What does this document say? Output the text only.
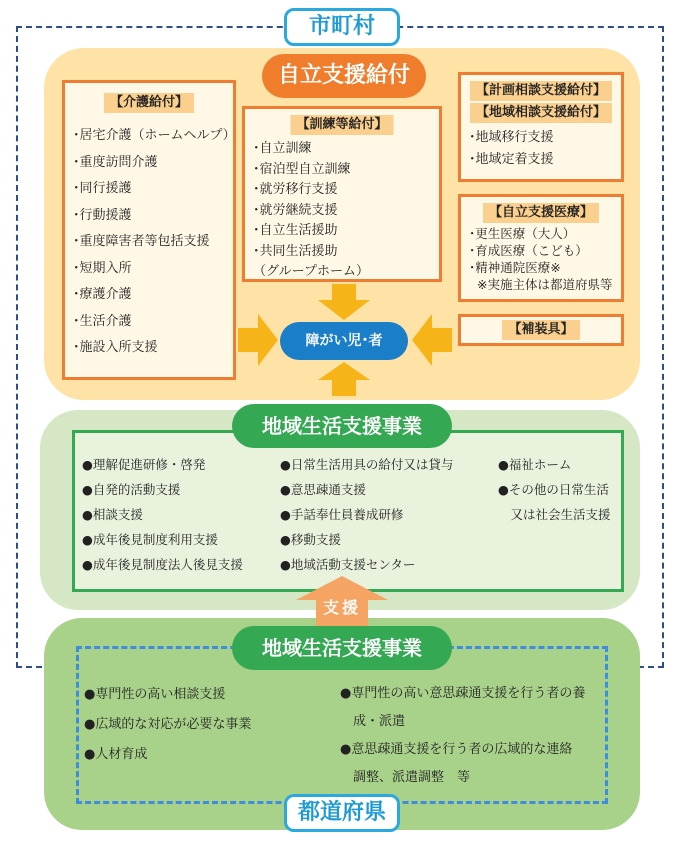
市町村
自立支援給付
【介護給付】
･居宅介護（ホームヘルプ）
･重度訪問介護
･同行援護
･行動援護
･重度障害者等包括支援
･短期入所
･療護介護
･生活介護
･施設入所支援
【訓練等給付】
･自立訓練
･宿泊型自立訓練
･就労移行支援
･就労継続支援
･自立生活援助
･共同生活援助
（グループホーム）
【計画相談支援給付】
【地域相談支援給付】
･地域移行支援
･地域定着支援
【自立支援医療】
･更生医療（大人）
･育成医療（こども）
･精神通院医療※
※実施主体は都道府県等
【補装具】
障がい児･者
地域生活支援事業
●理解促進研修・啓発
●自発的活動支援
●相談支援
●成年後見制度利用支援
●成年後見制度法人後見支援
●日常生活用具の給付又は貸与
●意思疎通支援
●手話奉仕員養成研修
●移動支援
●地域活動支援センター
●福祉ホーム
●その他の日常生活
　又は社会生活支援
支援
地域生活支援事業
●専門性の高い相談支援
●広域的な対応が必要な事業
●人材育成
●専門性の高い意思疎通支援を行う者の養
　成・派遣
●意思疎通支援を行う者の広域的な連絡
　調整、派遣調整　等
都道府県
